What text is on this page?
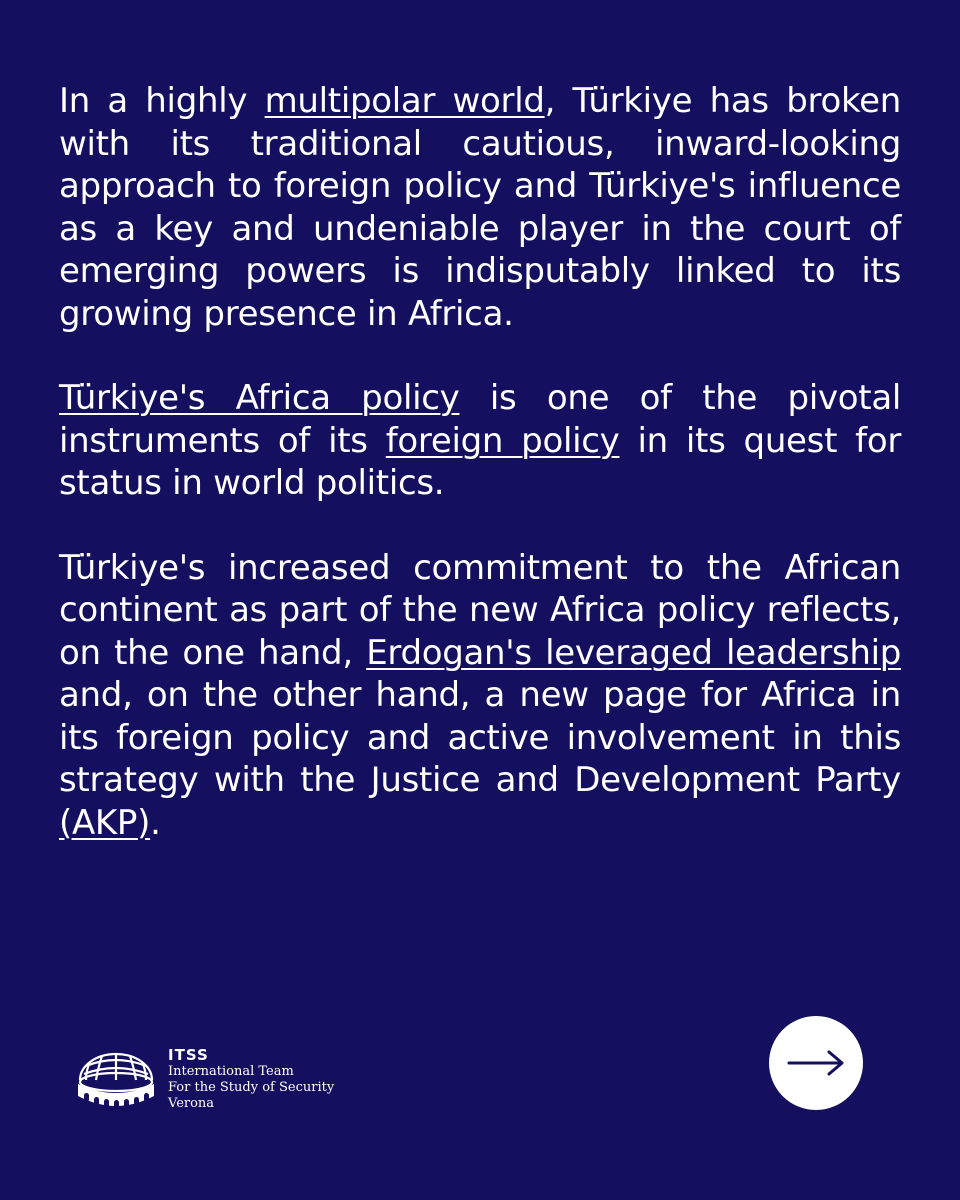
In a highly multipolar world, Türkiye has broken with its traditional cautious, inward-looking approach to foreign policy and Türkiye's influence as a key and undeniable player in the court of emerging powers is indisputably linked to its growing presence in Africa.

Türkiye's Africa policy is one of the pivotal instruments of its foreign policy in its quest for status in world politics.

Türkiye's increased commitment to the African continent as part of the new Africa policy reflects, on the one hand, Erdogan's leveraged leadership and, on the other hand, a new page for Africa in its foreign policy and active involvement in this strategy with the Justice and Development Party (AKP).

ITSS
International Team
For the Study of Security
Verona
